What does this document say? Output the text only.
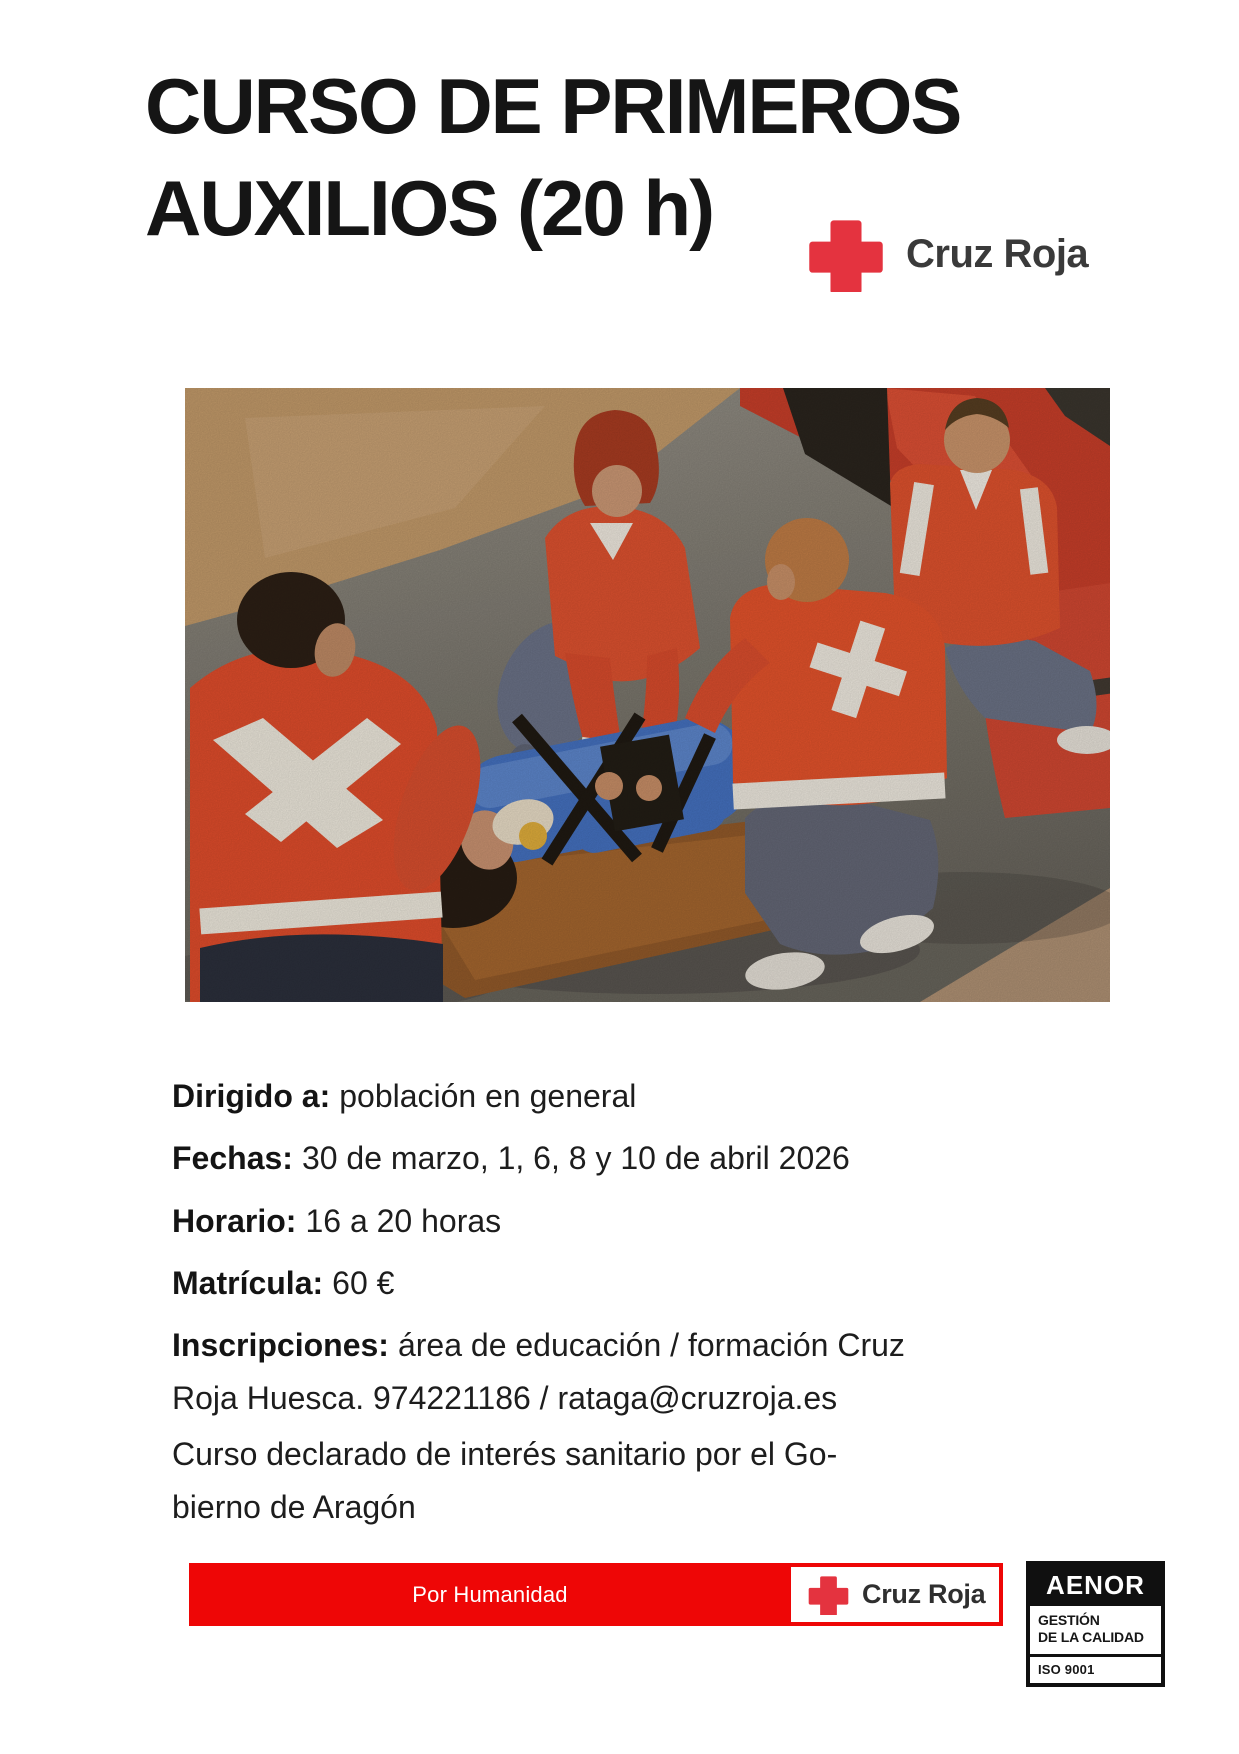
CURSO DE PRIMEROS
AUXILIOS (20 h)
Cruz Roja

Dirigido a: población en general

Fechas: 30 de marzo, 1, 6, 8 y 10 de abril 2026

Horario: 16 a 20 horas

Matrícula: 60 €

Inscripciones: área de educación / formación Cruz
Roja Huesca. 974221186 / rataga@cruzroja.es

Curso declarado de interés sanitario por el Go-
bierno de Aragón

Por Humanidad	Cruz Roja	AENOR
GESTIÓN
DE LA CALIDAD
ISO 9001
